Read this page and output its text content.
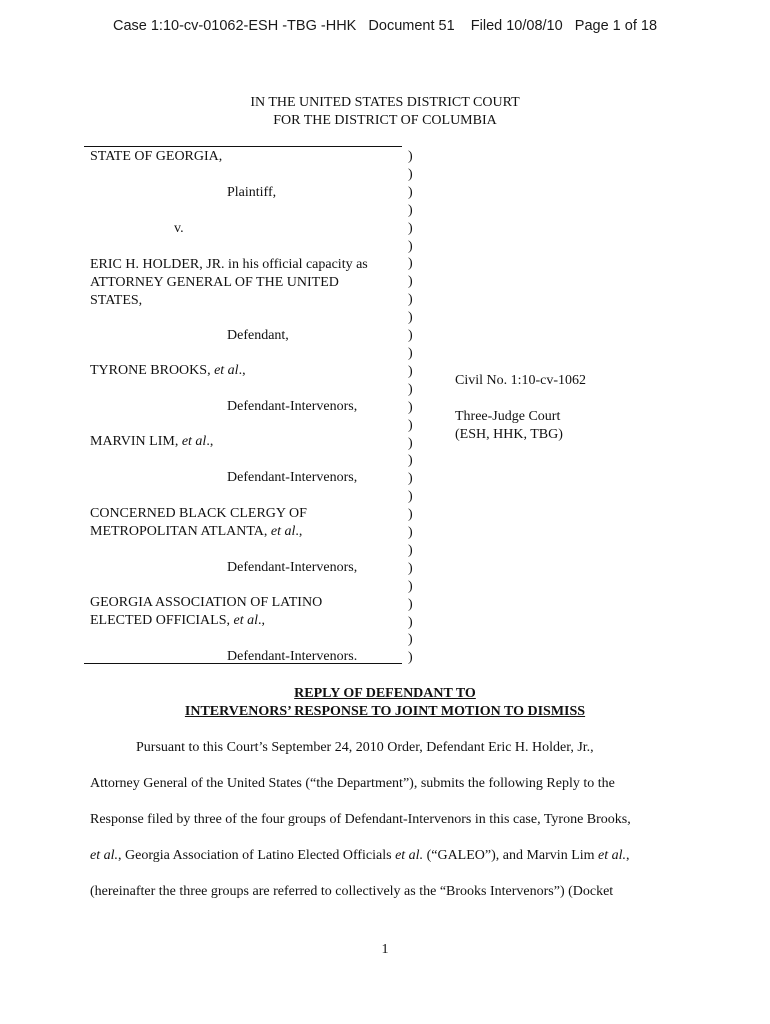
Case 1:10-cv-01062-ESH -TBG -HHK   Document 51    Filed 10/08/10   Page 1 of 18
IN THE UNITED STATES DISTRICT COURT
FOR THE DISTRICT OF COLUMBIA
STATE OF GEORGIA,
Plaintiff,
v.
ERIC H. HOLDER, JR. in his official capacity as
ATTORNEY GENERAL OF THE UNITED
STATES,
Defendant,
TYRONE BROOKS, et al.,
Defendant-Intervenors,
MARVIN LIM, et al.,
Defendant-Intervenors,
CONCERNED BLACK CLERGY OF
METROPOLITAN ATLANTA, et al.,
Defendant-Intervenors,
GEORGIA ASSOCIATION OF LATINO
ELECTED OFFICIALS, et al.,
Defendant-Intervenors.
)
)
)
)
)
)
)
)
)
)
)
)
)
)
)
)
)
)
)
)
)
)
)
)
)
)
)
)
)
Civil No. 1:10-cv-1062
Three-Judge Court
(ESH, HHK, TBG)
REPLY OF DEFENDANT TO
INTERVENORS’ RESPONSE TO JOINT MOTION TO DISMISS
Pursuant to this Court’s September 24, 2010 Order, Defendant Eric H. Holder, Jr.,
Attorney General of the United States (“the Department”), submits the following Reply to the
Response filed by three of the four groups of Defendant-Intervenors in this case, Tyrone Brooks,
et al., Georgia Association of Latino Elected Officials et al. (“GALEO”), and Marvin Lim et al.,
(hereinafter the three groups are referred to collectively as the “Brooks Intervenors”) (Docket
1
